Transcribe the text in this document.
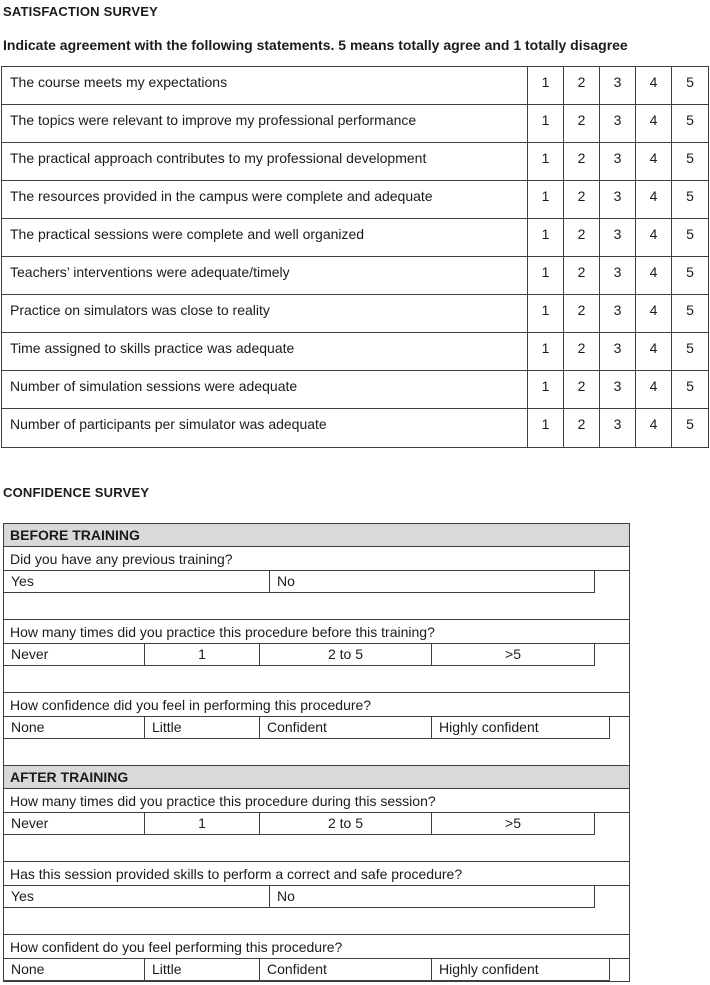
SATISFACTION SURVEY
Indicate agreement with the following statements. 5 means totally agree and 1 totally disagree
The course meets my expectations	1	2	3	4	5
The topics were relevant to improve my professional performance	1	2	3	4	5
The practical approach contributes to my professional development	1	2	3	4	5
The resources provided in the campus were complete and adequate	1	2	3	4	5
The practical sessions were complete and well organized	1	2	3	4	5
Teachers’ interventions were adequate/timely	1	2	3	4	5
Practice on simulators was close to reality	1	2	3	4	5
Time assigned to skills practice was adequate	1	2	3	4	5
Number of simulation sessions were adequate	1	2	3	4	5
Number of participants per simulator was adequate	1	2	3	4	5
CONFIDENCE SURVEY
BEFORE TRAINING
Did you have any previous training?
Yes	No
How many times did you practice this procedure before this training?
Never	1	2 to 5	>5
How confidence did you feel in performing this procedure?
None	Little	Confident	Highly confident
AFTER TRAINING
How many times did you practice this procedure during this session?
Never	1	2 to 5	>5
Has this session provided skills to perform a correct and safe procedure?
Yes	No
How confident do you feel performing this procedure?
None	Little	Confident	Highly confident
